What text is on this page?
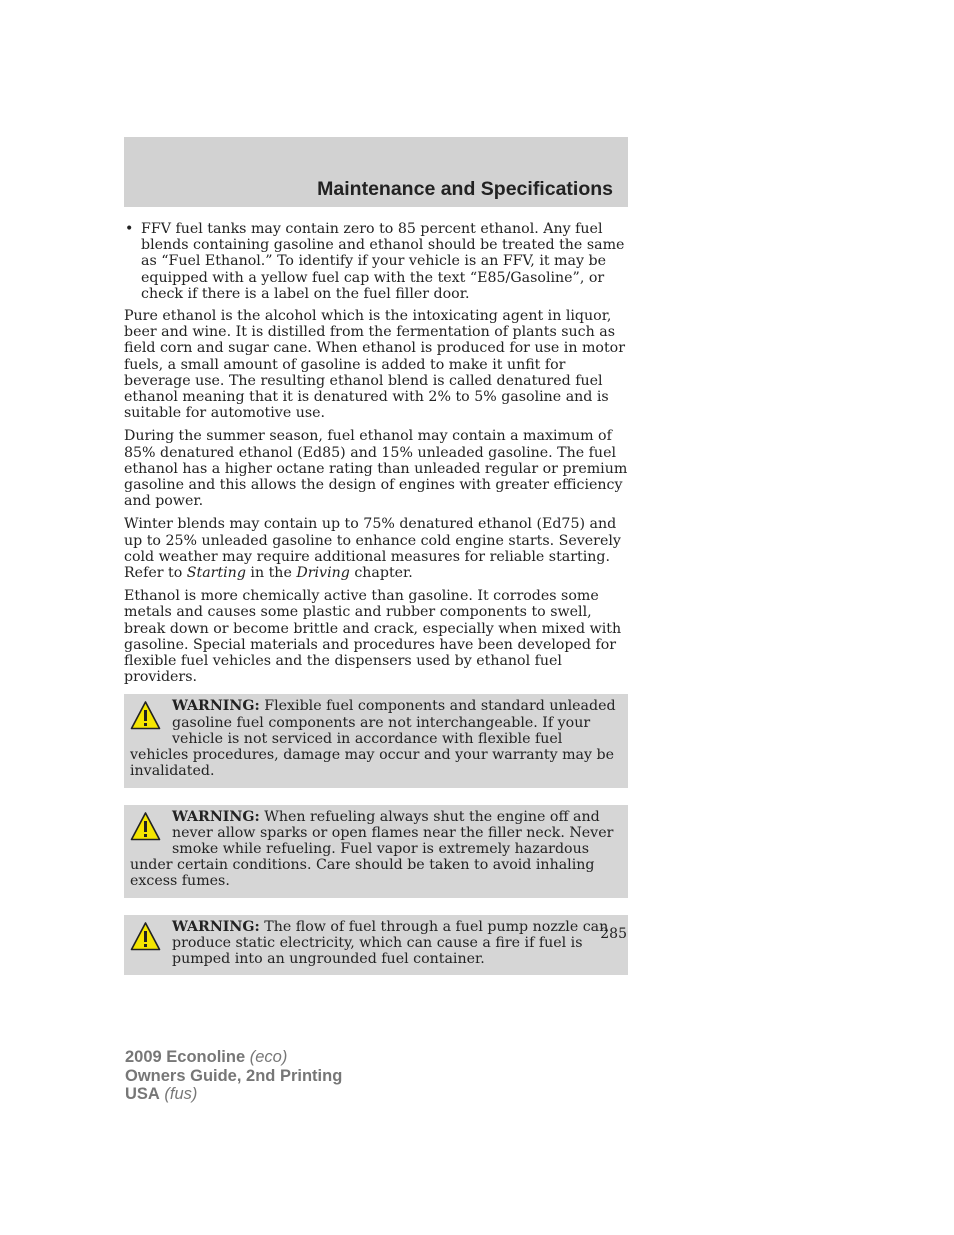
Maintenance and Specifications

• FFV fuel tanks may contain zero to 85 percent ethanol. Any fuel blends containing gasoline and ethanol should be treated the same as “Fuel Ethanol.” To identify if your vehicle is an FFV, it may be equipped with a yellow fuel cap with the text “E85/Gasoline”, or check if there is a label on the fuel filler door.

Pure ethanol is the alcohol which is the intoxicating agent in liquor, beer and wine. It is distilled from the fermentation of plants such as field corn and sugar cane. When ethanol is produced for use in motor fuels, a small amount of gasoline is added to make it unfit for beverage use. The resulting ethanol blend is called denatured fuel ethanol meaning that it is denatured with 2% to 5% gasoline and is suitable for automotive use.

During the summer season, fuel ethanol may contain a maximum of 85% denatured ethanol (Ed85) and 15% unleaded gasoline. The fuel ethanol has a higher octane rating than unleaded regular or premium gasoline and this allows the design of engines with greater efficiency and power.

Winter blends may contain up to 75% denatured ethanol (Ed75) and up to 25% unleaded gasoline to enhance cold engine starts. Severely cold weather may require additional measures for reliable starting. Refer to Starting in the Driving chapter.

Ethanol is more chemically active than gasoline. It corrodes some metals and causes some plastic and rubber components to swell, break down or become brittle and crack, especially when mixed with gasoline. Special materials and procedures have been developed for flexible fuel vehicles and the dispensers used by ethanol fuel providers.

WARNING: Flexible fuel components and standard unleaded gasoline fuel components are not interchangeable. If your vehicle is not serviced in accordance with flexible fuel vehicles procedures, damage may occur and your warranty may be invalidated.
WARNING: When refueling always shut the engine off and never allow sparks or open flames near the filler neck. Never smoke while refueling. Fuel vapor is extremely hazardous under certain conditions. Care should be taken to avoid inhaling excess fumes.
WARNING: The flow of fuel through a fuel pump nozzle can produce static electricity, which can cause a fire if fuel is pumped into an ungrounded fuel container.
285
2009 Econoline (eco)
Owners Guide, 2nd Printing
USA (fus)
